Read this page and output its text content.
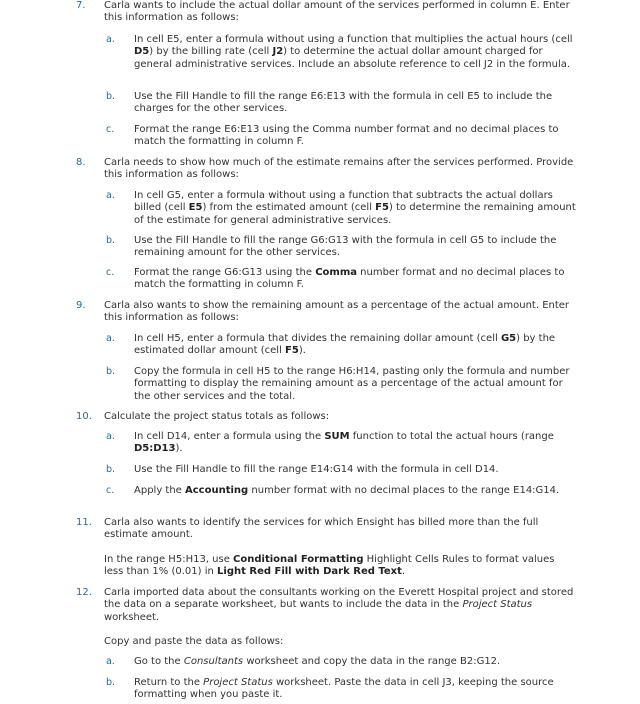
7.	Carla wants to include the actual dollar amount of the services performed in column E. Enter this information as follows:
a.	In cell E5, enter a formula without using a function that multiplies the actual hours (cell D5) by the billing rate (cell J2) to determine the actual dollar amount charged for general administrative services. Include an absolute reference to cell J2 in the formula.
b.	Use the Fill Handle to fill the range E6:E13 with the formula in cell E5 to include the charges for the other services.
c.	Format the range E6:E13 using the Comma number format and no decimal places to match the formatting in column F.
8.	Carla needs to show how much of the estimate remains after the services performed. Provide this information as follows:
a.	In cell G5, enter a formula without using a function that subtracts the actual dollars billed (cell E5) from the estimated amount (cell F5) to determine the remaining amount of the estimate for general administrative services.
b.	Use the Fill Handle to fill the range G6:G13 with the formula in cell G5 to include the remaining amount for the other services.
c.	Format the range G6:G13 using the Comma number format and no decimal places to match the formatting in column F.
9.	Carla also wants to show the remaining amount as a percentage of the actual amount. Enter this information as follows:
a.	In cell H5, enter a formula that divides the remaining dollar amount (cell G5) by the estimated dollar amount (cell F5).
b.	Copy the formula in cell H5 to the range H6:H14, pasting only the formula and number formatting to display the remaining amount as a percentage of the actual amount for the other services and the total.
10.	Calculate the project status totals as follows:
a.	In cell D14, enter a formula using the SUM function to total the actual hours (range D5:D13).
b.	Use the Fill Handle to fill the range E14:G14 with the formula in cell D14.
c.	Apply the Accounting number format with no decimal places to the range E14:G14.
11.	Carla also wants to identify the services for which Ensight has billed more than the full estimate amount.
In the range H5:H13, use Conditional Formatting Highlight Cells Rules to format values less than 1% (0.01) in Light Red Fill with Dark Red Text.
12.	Carla imported data about the consultants working on the Everett Hospital project and stored the data on a separate worksheet, but wants to include the data in the Project Status worksheet.
Copy and paste the data as follows:
a.	Go to the Consultants worksheet and copy the data in the range B2:G12.
b.	Return to the Project Status worksheet. Paste the data in cell J3, keeping the source formatting when you paste it.
